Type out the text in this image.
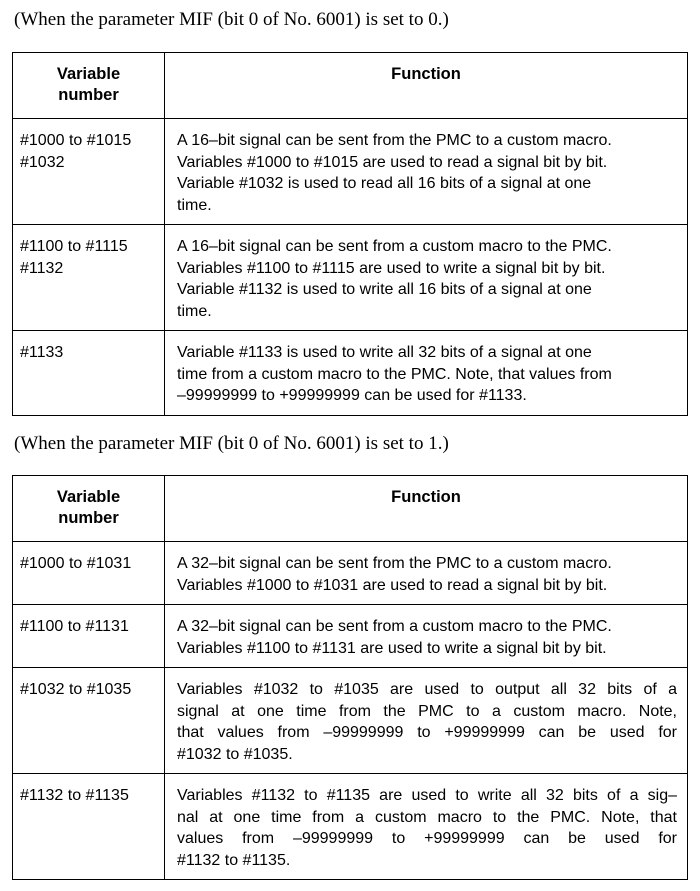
(When the parameter MIF (bit 0 of No. 6001) is set to 0.)
Variable
number	Function

#1000 to #1015
#1032	A 16–bit signal can be sent from the PMC to a custom macro.
Variables #1000 to #1015 are used to read a signal bit by bit.
Variable #1032 is used to read all 16 bits of a signal at one
time.

#1100 to #1115
#1132	A 16–bit signal can be sent from a custom macro to the PMC.
Variables #1100 to #1115 are used to write a signal bit by bit.
Variable #1132 is used to write all 16 bits of a signal at one
time.

#1133	Variable #1133 is used to write all 32 bits of a signal at one
time from a custom macro to the PMC. Note, that values from
–99999999 to +99999999 can be used for #1133.
(When the parameter MIF (bit 0 of No. 6001) is set to 1.)
Variable
number	Function

#1000 to #1031	A 32–bit signal can be sent from the PMC to a custom macro.
Variables #1000 to #1031 are used to read a signal bit by bit.

#1100 to #1131	A 32–bit signal can be sent from a custom macro to the PMC.
Variables #1100 to #1131 are used to write a signal bit by bit.

#1032 to #1035	Variables #1032 to #1035 are used to output all 32 bits of a
signal at one time from the PMC to a custom macro. Note,
that values from –99999999 to +99999999 can be used for
#1032 to #1035.

#1132 to #1135	Variables #1132 to #1135 are used to write all 32 bits of a sig–
nal at one time from a custom macro to the PMC. Note, that
values from –99999999 to +99999999 can be used for
#1132 to #1135.
